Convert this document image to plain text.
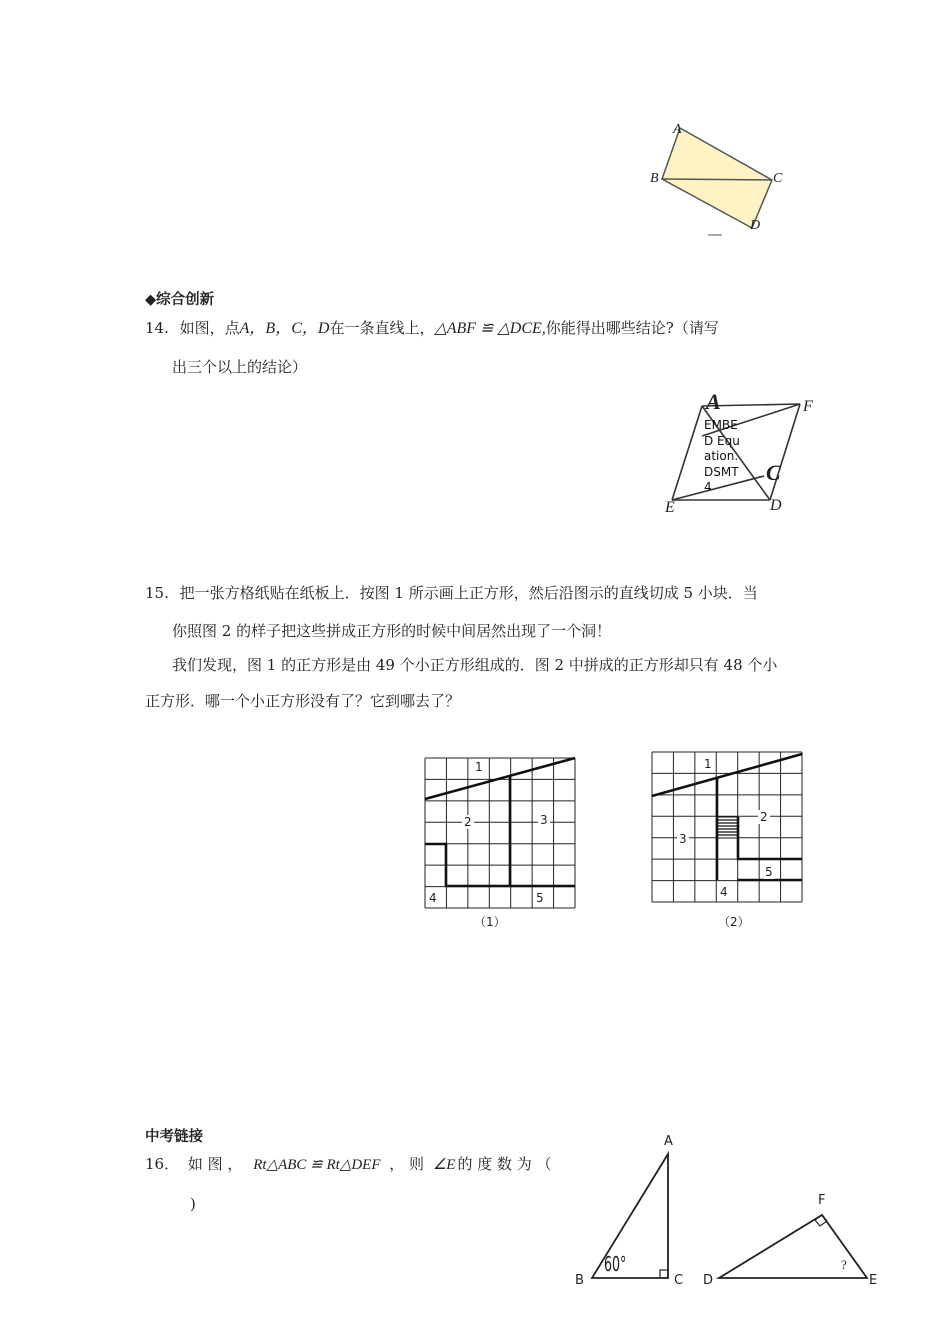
A
B	C
D
◆综合创新
14. 如图，点A，B，C，D在一条直线上，△ABF ≌ △DCE,你能得出哪些结论?（请写
出三个以上的结论）
A	F
C
D
E
EMBE
D Equ
ation.
DSMT
4
15. 把一张方格纸贴在纸板上．按图 1 所示画上正方形，然后沿图示的直线切成 5 小块．当
你照图 2 的样子把这些拼成正方形的时候中间居然出现了一个洞！
我们发现，图 1 的正方形是由 49 个小正方形组成的．图 2 中拼成的正方形却只有 48 个小
正方形．哪一个小正方形没有了？它到哪去了？
1
2	3
4	5
（1）
1
2
3
4
5
（2）
中考链接
16． 如 图 ， Rt△ABC ≌ Rt△DEF ， 则 ∠E 的 度 数 为 （
)
A
B	C
60°
D	E
F
?
